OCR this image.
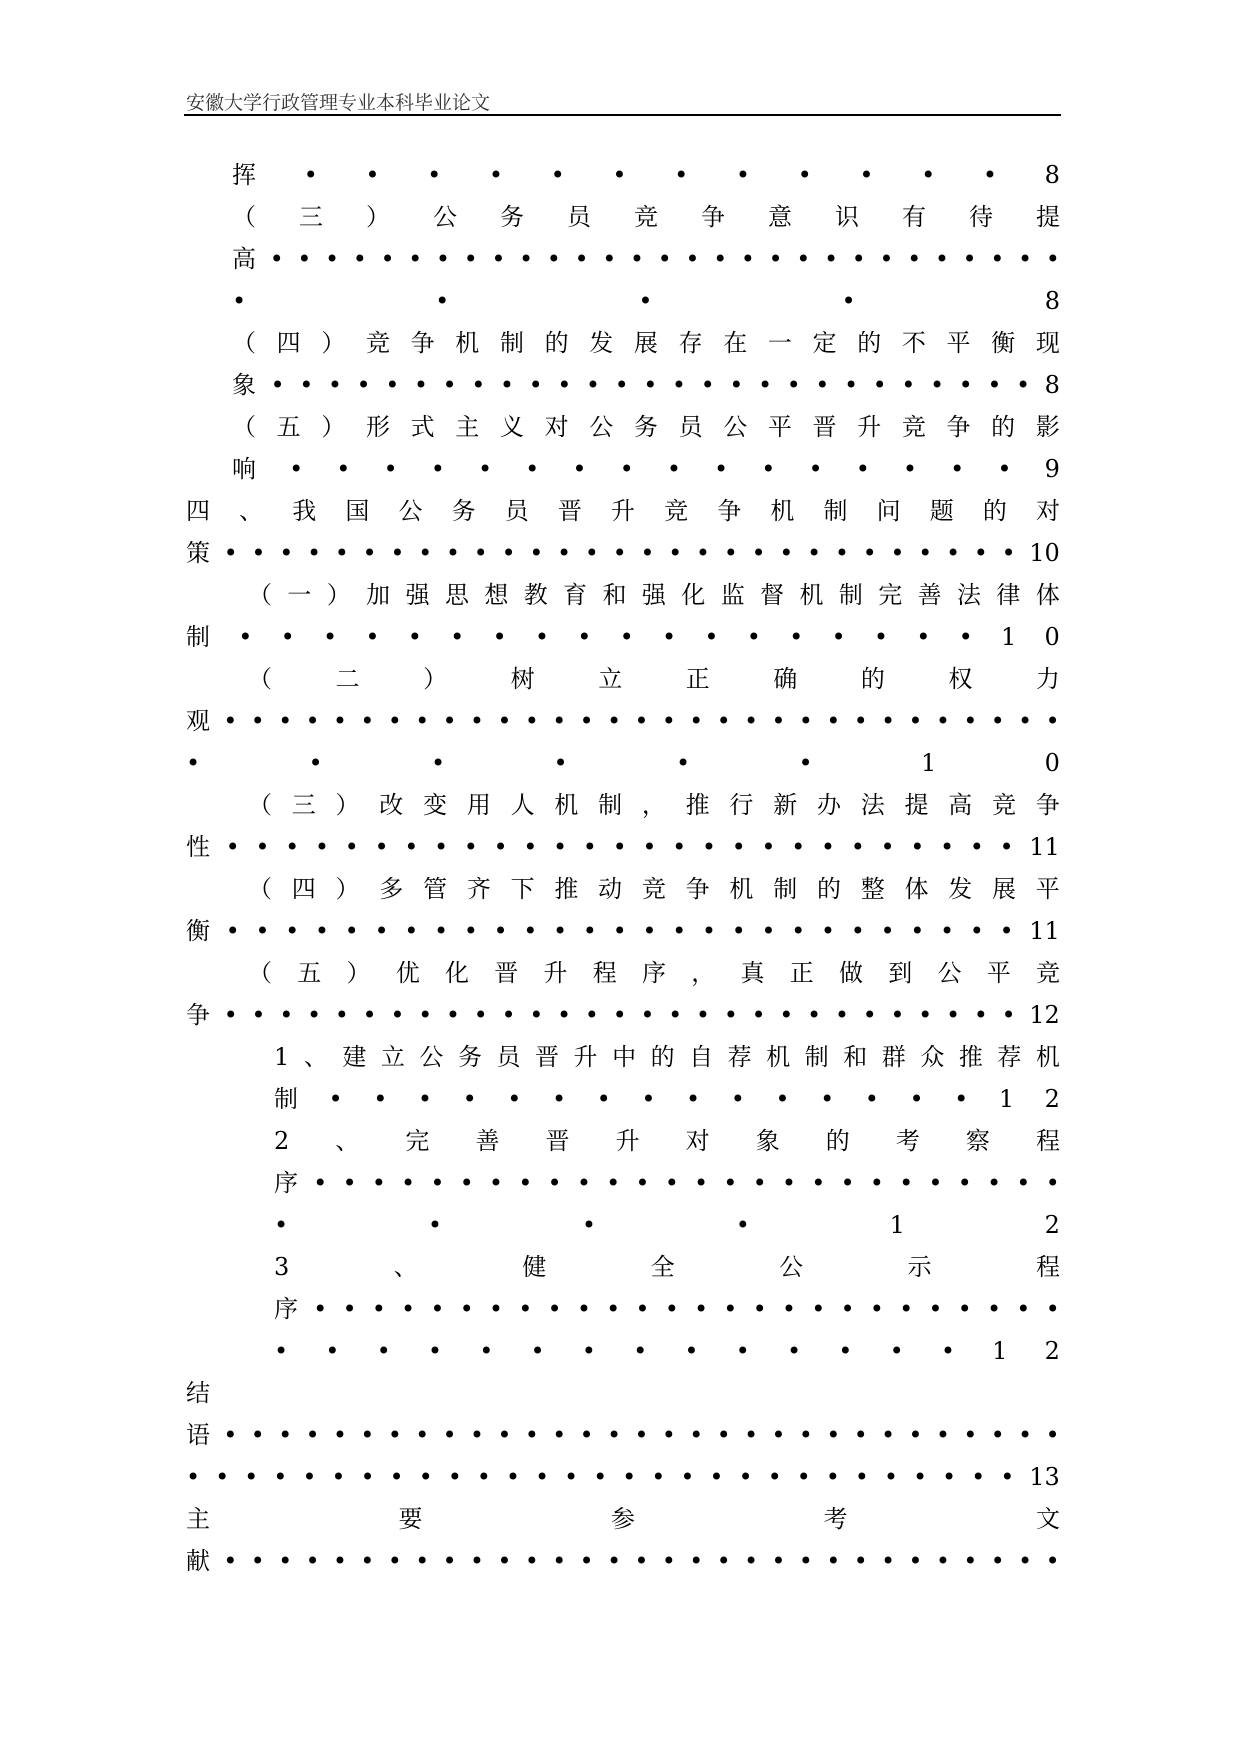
安徽大学行政管理专业本科毕业论文
挥 • • • • • • • • • • • • 8
（ 三 ） 公 务 员 竞 争 意 识 有 待 提
高 • • • • • • • • • • • • • • • • • • • • • • • • • • • • •
•	•	•	•	8
（ 四 ） 竞 争 机 制 的 发 展 存 在 一 定 的 不 平 衡 现
象 • • • • • • • • • • • • • • • • • • • • • • • • • • • 8
（ 五 ） 形 式 主 义 对 公 务 员 公 平 晋 升 竞 争 的 影
响 • • • • • • • • • • • • • • • • 9
四 、 我 国 公 务 员 晋 升 竞 争 机 制 问 题 的 对
策 • • • • • • • • • • • • • • • • • • • • • • • • • • • • • 10
（ 一 ） 加 强 思 想 教 育 和 强 化 监 督 机 制 完 善 法 律 体
制 • • • • • • • • • • • • • • • • • • 1 0
（	二	）	树	立	正	确	的	权	力
观 • • • • • • • • • • • • • • • • • • • • • • • • • • • • • • •
•	•	•	•	•	•	1	0
（ 三 ） 改 变 用 人 机 制 ， 推 行 新 办 法 提 高 竞 争
性 • • • • • • • • • • • • • • • • • • • • • • • • • • • 11
（ 四 ） 多 管 齐 下 推 动 竞 争 机 制 的 整 体 发 展 平
衡 • • • • • • • • • • • • • • • • • • • • • • • • • • • 11
（ 五 ） 优 化 晋 升 程 序 ， 真 正 做 到 公 平 竞
争 • • • • • • • • • • • • • • • • • • • • • • • • • • • • • 12
1 、 建 立 公 务 员 晋 升 中 的 自 荐 机 制 和 群 众 推 荐 机
制 • • • • • • • • • • • • • • • 1 2
2 、 完 善 晋 升 对 象 的 考 察 程
序 • • • • • • • • • • • • • • • • • • • • • • • • • •
•	•	•	•	1	2
3	、	健	全	公	示	程
序 • • • • • • • • • • • • • • • • • • • • • • • • • •
• • • • • • • • • • • • • • 1 2
结
语 • • • • • • • • • • • • • • • • • • • • • • • • • • • • • • •
• • • • • • • • • • • • • • • • • • • • • • • • • • • • • 13
主	要	参	考	文
献 • • • • • • • • • • • • • • • • • • • • • • • • • • • • • • •
